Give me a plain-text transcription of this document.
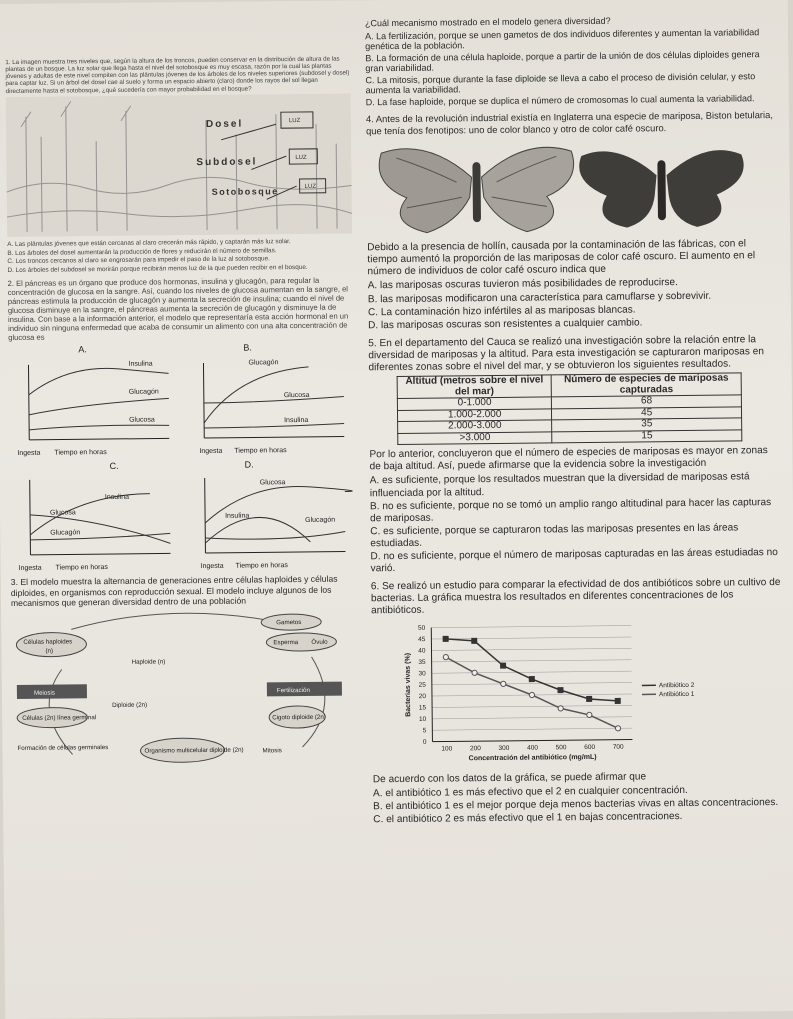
1. La imagen muestra tres niveles que, según la altura de los troncos, pueden conservar en la distribución de altura de las plantas de un bosque. La luz solar que llega hasta el nivel del sotobosque es muy escasa, razón por la cual las plantas jóvenes y adultas de este nivel compiten con las plántulas jóvenes de los árboles de los niveles superiores (subdosel y dosel) para captar luz. Si un árbol del dosel cae al suelo y forma un espacio abierto (claro) donde los rayos del sol llegan directamente hasta el sotobosque, ¿qué sucedería con mayor probabilidad en el bosque?

Dosel
Subdosel
Sotobosque
LUZ
LUZ
LUZ

A. Las plántulas jóvenes que están cercanas al claro crecerán más rápido, y captarán más luz solar.

B. Los árboles del dosel aumentarán la producción de flores y reducirán el número de semillas.

C. Los troncos cercanos al claro se engrosarán para impedir el paso de la luz al sotobosque.

D. Los árboles del subdosel se morirán porque recibirán menos luz de la que pueden recibir en el bosque.

2. El páncreas es un órgano que produce dos hormonas, insulina y glucagón, para regular la concentración de glucosa en la sangre. Así, cuando los niveles de glucosa aumentan en la sangre, el páncreas estimula la producción de glucagón y aumenta la secreción de insulina; cuando el nivel de glucosa disminuye en la sangre, el páncreas aumenta la secreción de glucagón y disminuye la de insulina. Con base a la información anterior, el modelo que representaría esta acción hormonal en un individuo sin ninguna enfermedad que acaba de consumir un alimento con una alta concentración de glucosa es

A.
Insulina
Glucagón
Glucosa
Tiempo en horas
Ingesta
B.
Glucagón
Glucosa
Insulina
Ingesta Tiempo en horas
C.
Insulina
Glucosa
Glucagón
Ingesta Tiempo en horas
D.
Glucosa
Insulina
Glucagón
Ingesta Tiempo en horas

3. El modelo muestra la alternancia de generaciones entre células haploides y células diploides, en organismos con reproducción sexual. El modelo incluye algunos de los mecanismos que generan diversidad dentro de una población

Gametos
Esperma Óvulo
Células haploides
(n)
Haploide (n)
Meiosis	Fertilización
Diploide (2n)
Células (2n) línea germinal	Cigoto diploide (2n)
Formación de células germinales	Organismo multicelular diploide (2n)	Mitosis

¿Cuál mecanismo mostrado en el modelo genera diversidad?

A. La fertilización, porque se unen gametos de dos individuos diferentes y aumentan la variabilidad genética de la población.

B. La formación de una célula haploide, porque a partir de la unión de dos células diploides genera gran variabilidad.

C. La mitosis, porque durante la fase diploide se lleva a cabo el proceso de división celular, y esto aumenta la variabilidad.

D. La fase haploide, porque se duplica el número de cromosomas lo cual aumenta la variabilidad.

4. Antes de la revolución industrial existía en Inglaterra una especie de mariposa, Biston betularia, que tenía dos fenotipos: uno de color blanco y otro de color café oscuro.

Debido a la presencia de hollín, causada por la contaminación de las fábricas, con el tiempo aumentó la proporción de las mariposas de color café oscuro. El aumento en el número de individuos de color café oscuro indica que

A. las mariposas oscuras tuvieron más posibilidades de reproducirse.

B. las mariposas modificaron una característica para camuflarse y sobrevivir.

C. La contaminación hizo infértiles al as mariposas blancas.

D. las mariposas oscuras son resistentes a cualquier cambio.

5. En el departamento del Cauca se realizó una investigación sobre la relación entre la diversidad de mariposas y la altitud. Para esta investigación se capturaron mariposas en diferentes zonas sobre el nivel del mar, y se obtuvieron los siguientes resultados.

Altitud (metros sobre el nivel del mar)	Número de especies de mariposas capturadas
0-1.000	68
1.000-2.000	45
2.000-3.000	35
>3.000	15

Por lo anterior, concluyeron que el número de especies de mariposas es mayor en zonas de baja altitud. Así, puede afirmarse que la evidencia sobre la investigación

A. es suficiente, porque los resultados muestran que la diversidad de mariposas está influenciada por la altitud.

B. no es suficiente, porque no se tomó un amplio rango altitudinal para hacer las capturas de mariposas.

C. es suficiente, porque se capturaron todas las mariposas presentes en las áreas estudiadas.

D. no es suficiente, porque el número de mariposas capturadas en las áreas estudiadas no varió.

6. Se realizó un estudio para comparar la efectividad de dos antibióticos sobre un cultivo de bacterias. La gráfica muestra los resultados en diferentes concentraciones de los antibióticos.

0
5
10
15
20
25
30
35
40
45
50
100	200	300	400	500	600	700
Concentración del antibiótico (mg/mL)
Bacterias vivas (%)	Antibiótico 2
Antibiótico 1

De acuerdo con los datos de la gráfica, se puede afirmar que

A. el antibiótico 1 es más efectivo que el 2 en cualquier concentración.

B. el antibiótico 1 es el mejor porque deja menos bacterias vivas en altas concentraciones.

C. el antibiótico 2 es más efectivo que el 1 en bajas concentraciones.
